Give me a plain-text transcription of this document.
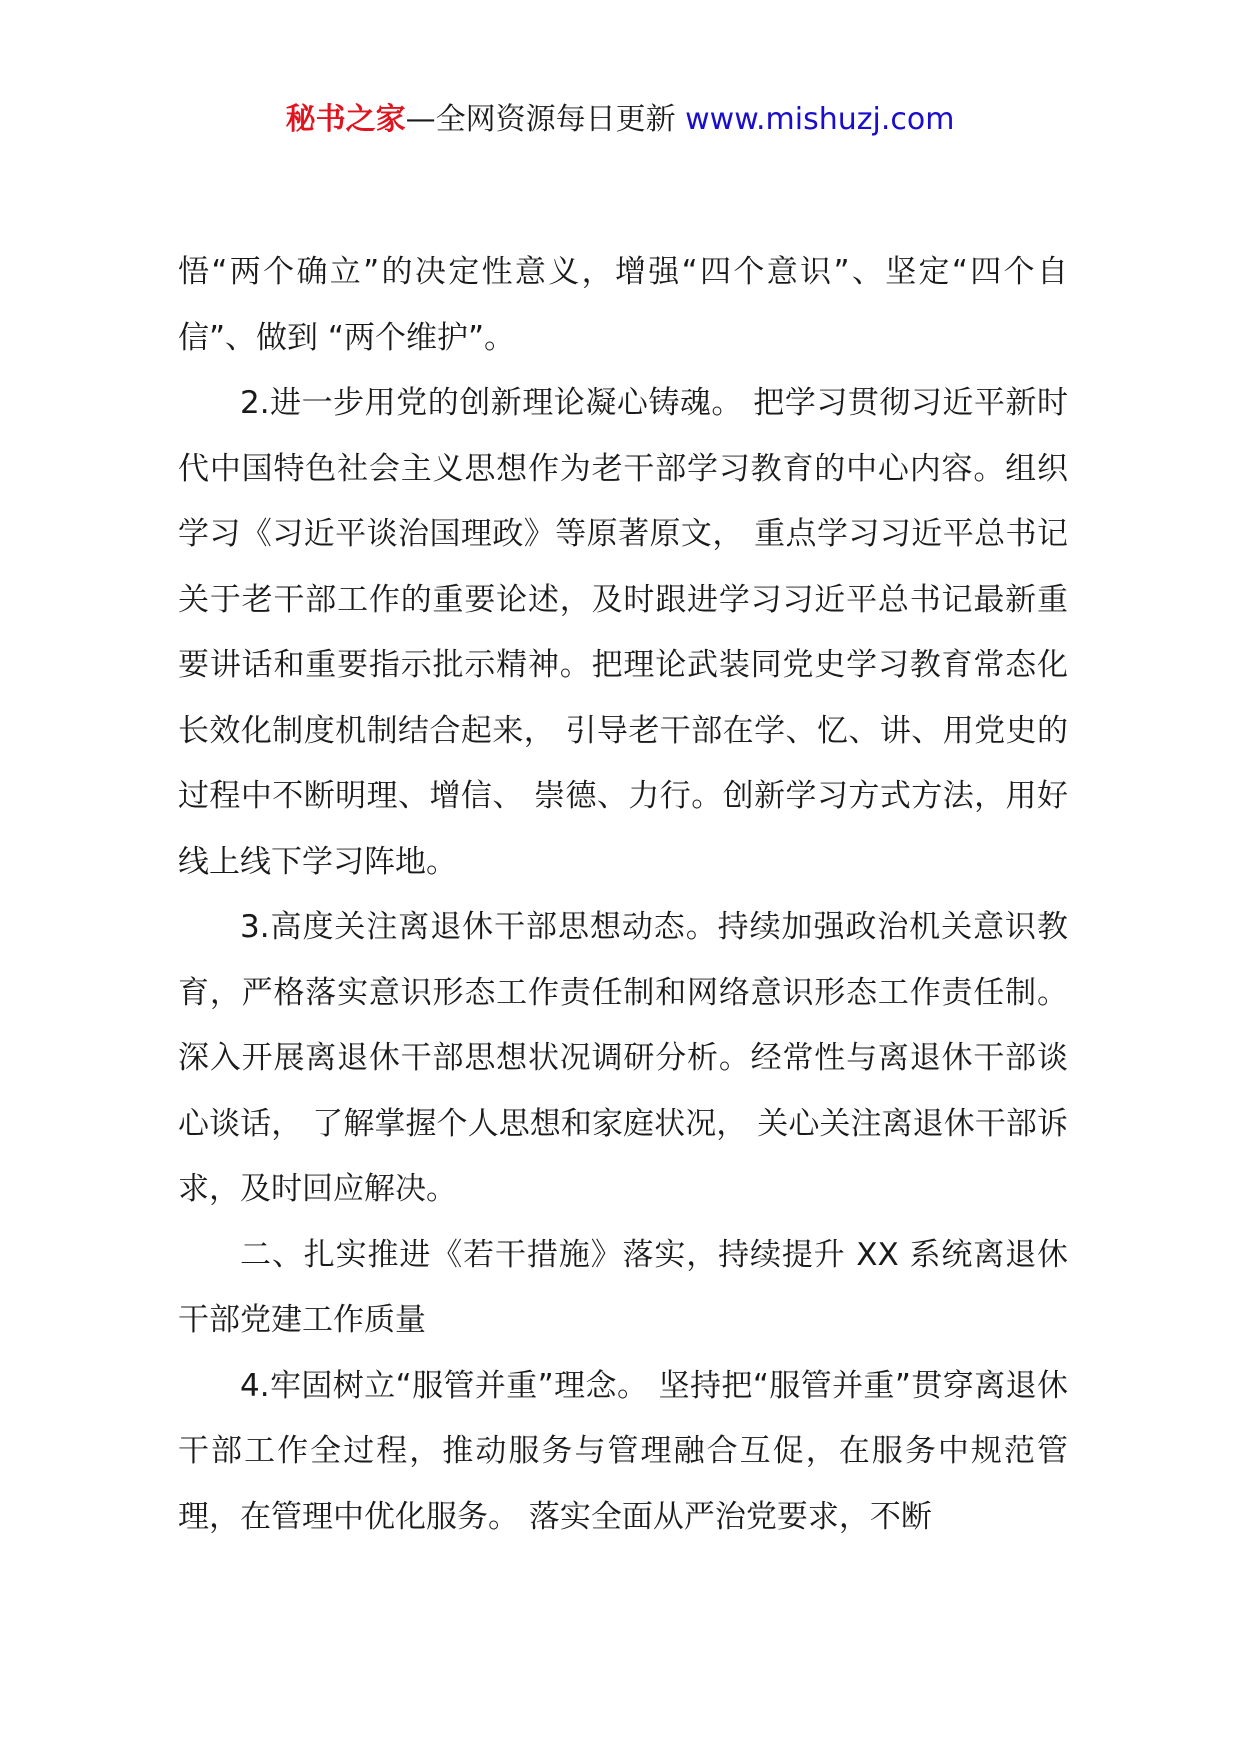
秘书之家—全网资源每日更新 www.mishuzj.com

悟“两个确立”的决定性意义，增强“四个意识”、坚定“四个自信”、做到 “两个维护”。

2.进一步用党的创新理论凝心铸魂。 把学习贯彻习近平新时代中国特色社会主义思想作为老干部学习教育的中心内容。组织学习《习近平谈治国理政》等原著原文， 重点学习习近平总书记关于老干部工作的重要论述，及时跟进学习习近平总书记最新重要讲话和重要指示批示精神。把理论武装同党史学习教育常态化长效化制度机制结合起来， 引导老干部在学、忆、讲、用党史的过程中不断明理、增信、 崇德、力行。创新学习方式方法，用好线上线下学习阵地。

3.高度关注离退休干部思想动态。持续加强政治机关意识教育，严格落实意识形态工作责任制和网络意识形态工作责任制。深入开展离退休干部思想状况调研分析。经常性与离退休干部谈心谈话， 了解掌握个人思想和家庭状况， 关心关注离退休干部诉求，及时回应解决。

二、扎实推进《若干措施》落实，持续提升 XX 系统离退休干部党建工作质量

4.牢固树立“服管并重”理念。 坚持把“服管并重”贯穿离退休干部工作全过程，推动服务与管理融合互促，在服务中规范管理，在管理中优化服务。 落实全面从严治党要求，不断
